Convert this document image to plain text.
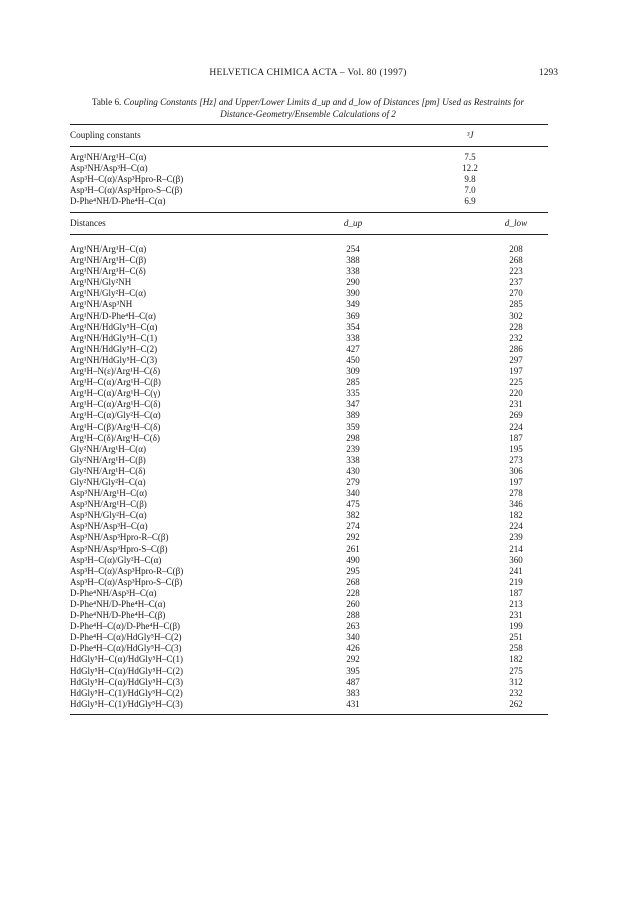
HELVETICA CHIMICA ACTA – Vol. 80 (1997)	1293
Table 6. Coupling Constants [Hz] and Upper/Lower Limits d_up and d_low of Distances [pm] Used as Restraints for
Distance-Geometry/Ensemble Calculations of 2
Coupling constants	³J
Arg¹NH/Arg¹H–C(α)	7.5
Asp³NH/Asp³H–C(α)	12.2
Asp³H–C(α)/Asp³Hpro-R–C(β)	9.8
Asp³H–C(α)/Asp³Hpro-S–C(β)	7.0
D-Phe⁴NH/D-Phe⁴H–C(α)	6.9
Distances	d_up	d_low
Arg¹NH/Arg¹H–C(α)	254	208
Arg¹NH/Arg¹H–C(β)	388	268
Arg¹NH/Arg¹H–C(δ)	338	223
Arg¹NH/Gly²NH	290	237
Arg¹NH/Gly²H–C(α)	390	270
Arg¹NH/Asp³NH	349	285
Arg¹NH/D-Phe⁴H–C(α)	369	302
Arg¹NH/HdGly⁵H–C(α)	354	228
Arg¹NH/HdGly⁵H–C(1)	338	232
Arg¹NH/HdGly⁵H–C(2)	427	286
Arg¹NH/HdGly⁵H–C(3)	450	297
Arg¹H–N(ε)/Arg¹H–C(δ)	309	197
Arg¹H–C(α)/Arg¹H–C(β)	285	225
Arg¹H–C(α)/Arg¹H–C(γ)	335	220
Arg¹H–C(α)/Arg¹H–C(δ)	347	231
Arg¹H–C(α)/Gly²H–C(α)	389	269
Arg¹H–C(β)/Arg¹H–C(δ)	359	224
Arg¹H–C(δ)/Arg¹H–C(δ)	298	187
Gly²NH/Arg¹H–C(α)	239	195
Gly²NH/Arg¹H–C(β)	338	273
Gly²NH/Arg¹H–C(δ)	430	306
Gly²NH/Gly²H–C(α)	279	197
Asp³NH/Arg¹H–C(α)	340	278
Asp³NH/Arg¹H–C(β)	475	346
Asp³NH/Gly²H–C(α)	382	182
Asp³NH/Asp³H–C(α)	274	224
Asp³NH/Asp³Hpro-R–C(β)	292	239
Asp³NH/Asp³Hpro-S–C(β)	261	214
Asp³H–C(α)/Gly²H–C(α)	490	360
Asp³H–C(α)/Asp³Hpro-R–C(β)	295	241
Asp³H–C(α)/Asp³Hpro-S–C(β)	268	219
D-Phe⁴NH/Asp³H–C(α)	228	187
D-Phe⁴NH/D-Phe⁴H–C(α)	260	213
D-Phe⁴NH/D-Phe⁴H–C(β)	288	231
D-Phe⁴H–C(α)/D-Phe⁴H–C(β)	263	199
D-Phe⁴H–C(α)/HdGly⁵H–C(2)	340	251
D-Phe⁴H–C(α)/HdGly⁵H–C(3)	426	258
HdGly⁵H–C(α)/HdGly⁵H–C(1)	292	182
HdGly⁵H–C(α)/HdGly⁵H–C(2)	395	275
HdGly⁵H–C(α)/HdGly⁵H–C(3)	487	312
HdGly⁵H–C(1)/HdGly⁵H–C(2)	383	232
HdGly⁵H–C(1)/HdGly⁵H–C(3)	431	262
